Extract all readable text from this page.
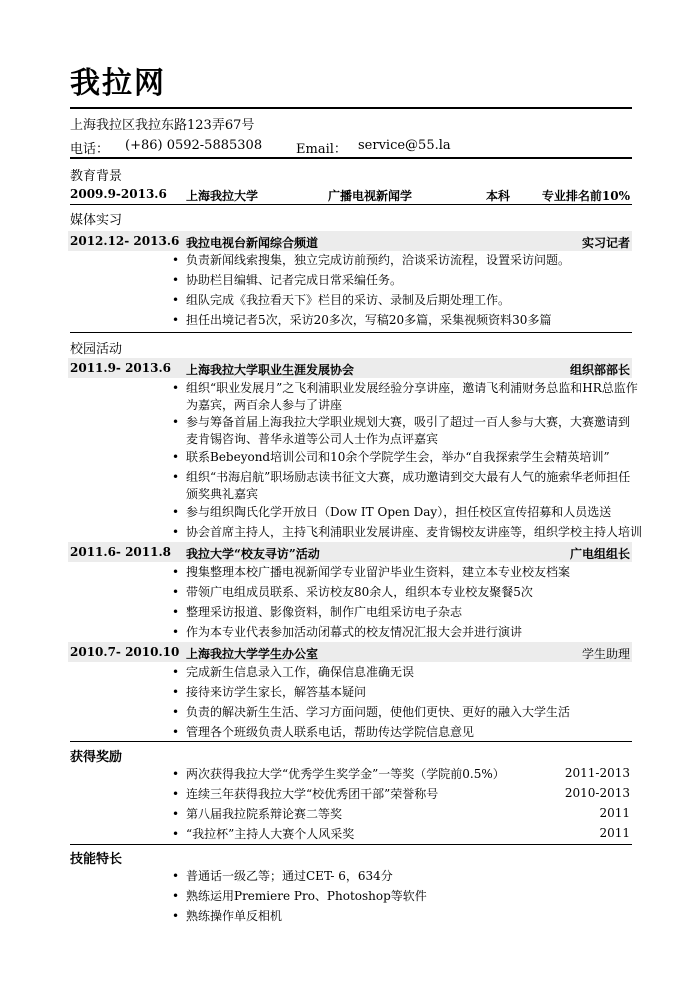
我拉网
上海我拉区我拉东路123弄67号
电话： (+86) 0592-5885308	Email： service@55.la
教育背景
2009.9-2013.6 上海我拉大学	广播电视新闻学	本科	专业排名前10%
媒体实习
2012.12- 2013.6 我拉电视台新闻综合频道	实习记者
• 负责新闻线索搜集，独立完成访前预约，洽谈采访流程，设置采访问题。
• 协助栏目编辑、记者完成日常采编任务。
• 组队完成《我拉看天下》栏目的采访、录制及后期处理工作。
• 担任出境记者5次，采访20多次，写稿20多篇，采集视频资料30多篇
校园活动
2011.9- 2013.6 上海我拉大学职业生涯发展协会	组织部部长
• 组织“职业发展月”之飞利浦职业发展经验分享讲座，邀请飞利浦财务总监和HR总监作
为嘉宾，两百余人参与了讲座
• 参与筹备首届上海我拉大学职业规划大赛，吸引了超过一百人参与大赛，大赛邀请到
麦肯锡咨询、普华永道等公司人士作为点评嘉宾
• 联系Bebeyond培训公司和10余个学院学生会，举办“自我探索学生会精英培训”
• 组织“书海启航”职场励志读书征文大赛，成功邀请到交大最有人气的施索华老师担任
颁奖典礼嘉宾
• 参与组织陶氏化学开放日（Dow IT Open Day），担任校区宣传招募和人员选送
• 协会首席主持人，主持飞利浦职业发展讲座、麦肯锡校友讲座等，组织学校主持人培训
2011.6- 2011.8 我拉大学“校友寻访”活动	广电组组长
• 搜集整理本校广播电视新闻学专业留沪毕业生资料，建立本专业校友档案
• 带领广电组成员联系、采访校友80余人，组织本专业校友聚餐5次
• 整理采访报道、影像资料，制作广电组采访电子杂志
• 作为本专业代表参加活动闭幕式的校友情况汇报大会并进行演讲
2010.7- 2010.10 上海我拉大学学生办公室	学生助理
• 完成新生信息录入工作，确保信息准确无误
• 接待来访学生家长，解答基本疑问
• 负责的解决新生生活、学习方面问题，使他们更快、更好的融入大学生活
• 管理各个班级负责人联系电话，帮助传达学院信息意见
获得奖励
• 两次获得我拉大学“优秀学生奖学金”一等奖（学院前0.5%）	2011-2013
• 连续三年获得我拉大学“校优秀团干部”荣誉称号	2010-2013
• 第八届我拉院系辩论赛二等奖	2011
• “我拉杯”主持人大赛个人风采奖	2011
技能特长
• 普通话一级乙等；通过CET- 6，634分
• 熟练运用Premiere Pro、Photoshop等软件
• 熟练操作单反相机
